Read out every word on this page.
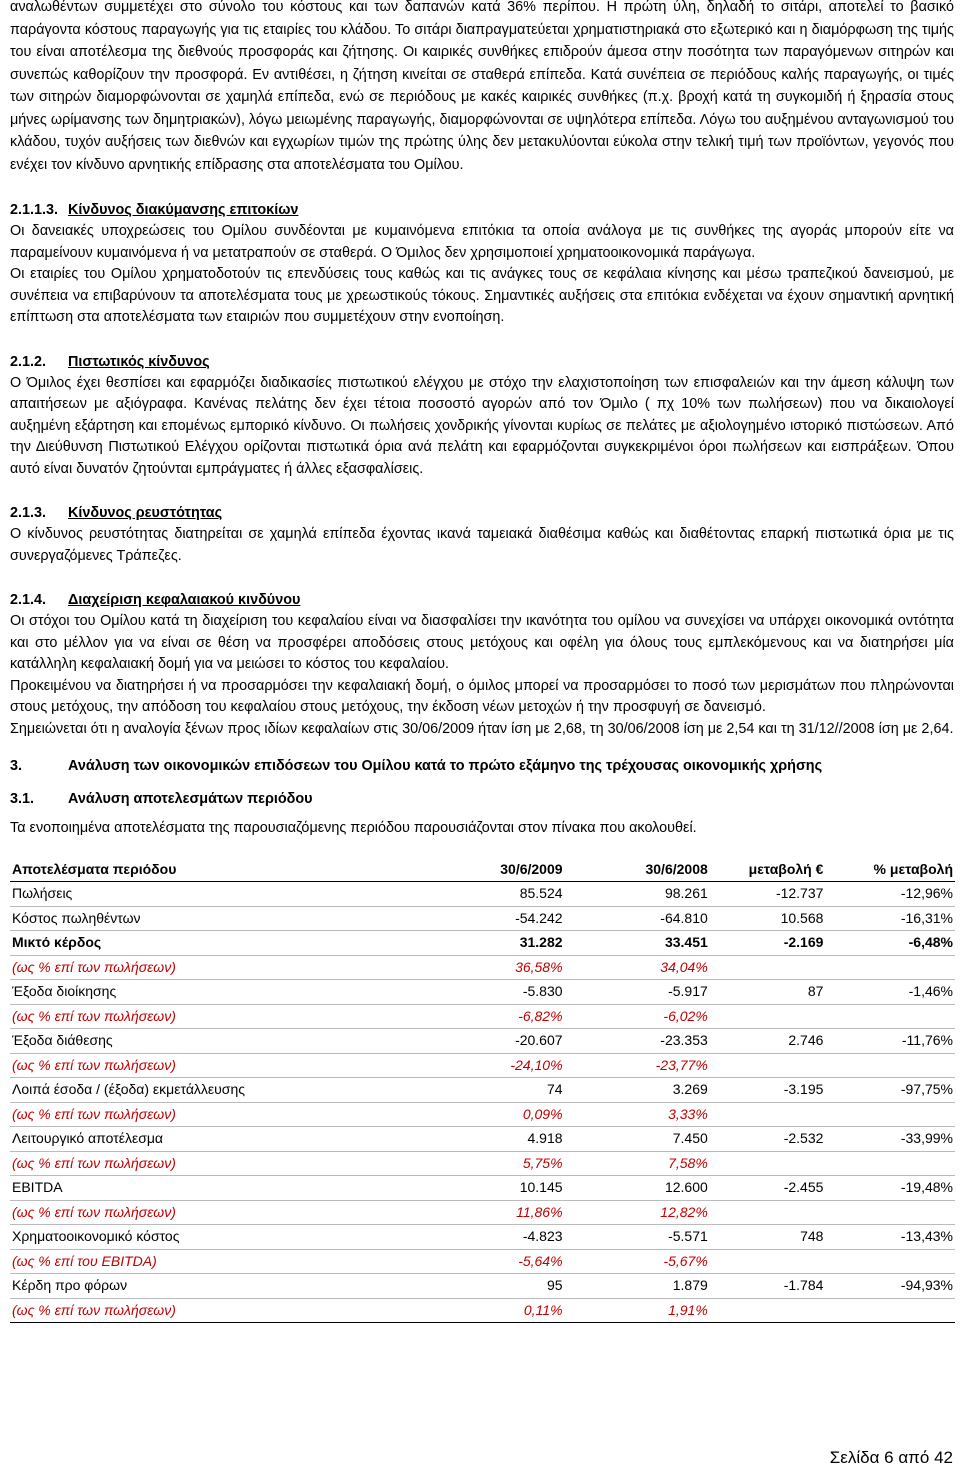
αναλωθέντων συμμετέχει στο σύνολο του κόστους και των δαπανών κατά 36% περίπου. Η πρώτη ύλη, δηλαδή το σιτάρι, αποτελεί το βασικό παράγοντα κόστους παραγωγής για τις εταιρίες του κλάδου. Το σιτάρι διαπραγματεύεται χρηματιστηριακά στο εξωτερικό και η διαμόρφωση της τιμής του είναι αποτέλεσμα της διεθνούς προσφοράς και ζήτησης. Οι καιρικές συνθήκες επιδρούν άμεσα στην ποσότητα των παραγόμενων σιτηρών και συνεπώς καθορίζουν την προσφορά. Εν αντιθέσει, η ζήτηση κινείται σε σταθερά επίπεδα. Κατά συνέπεια σε περιόδους καλής παραγωγής, οι τιμές των σιτηρών διαμορφώνονται σε χαμηλά επίπεδα, ενώ σε περιόδους με κακές καιρικές συνθήκες (π.χ. βροχή κατά τη συγκομιδή ή ξηρασία στους μήνες ωρίμανσης των δημητριακών), λόγω μειωμένης παραγωγής, διαμορφώνονται σε υψηλότερα επίπεδα. Λόγω του αυξημένου ανταγωνισμού του κλάδου, τυχόν αυξήσεις των διεθνών και εγχωρίων τιμών της πρώτης ύλης δεν μετακυλύονται εύκολα στην τελική τιμή των προϊόντων, γεγονός που ενέχει τον κίνδυνο αρνητικής επίδρασης στα αποτελέσματα του Ομίλου.

2.1.1.3. Κίνδυνος διακύμανσης επιτοκίων

Οι δανειακές υποχρεώσεις του Ομίλου συνδέονται με κυμαινόμενα επιτόκια τα οποία ανάλογα με τις συνθήκες της αγοράς μπορούν είτε να παραμείνουν κυμαινόμενα ή να μετατραπούν σε σταθερά. Ο Όμιλος δεν χρησιμοποιεί χρηματοοικονομικά παράγωγα.

Οι εταιρίες του Ομίλου χρηματοδοτούν τις επενδύσεις τους καθώς και τις ανάγκες τους σε κεφάλαια κίνησης και μέσω τραπεζικού δανεισμού, με συνέπεια να επιβαρύνουν τα αποτελέσματα τους με χρεωστικούς τόκους. Σημαντικές αυξήσεις στα επιτόκια ενδέχεται να έχουν σημαντική αρνητική επίπτωση στα αποτελέσματα των εταιριών που συμμετέχουν στην ενοποίηση.

2.1.2.	Πιστωτικός κίνδυνος

Ο Όμιλος έχει θεσπίσει και εφαρμόζει διαδικασίες πιστωτικού ελέγχου με στόχο την ελαχιστοποίηση των επισφαλειών και την άμεση κάλυψη των απαιτήσεων με αξιόγραφα. Κανένας πελάτης δεν έχει τέτοια ποσοστό αγορών από τον Όμιλο ( πχ 10% των πωλήσεων) που να δικαιολογεί αυξημένη εξάρτηση και επομένως εμπορικό κίνδυνο. Οι πωλήσεις χονδρικής γίνονται κυρίως σε πελάτες με αξιολογημένο ιστορικό πιστώσεων. Από την Διεύθυνση Πιστωτικού Ελέγχου ορίζονται πιστωτικά όρια ανά πελάτη και εφαρμόζονται συγκεκριμένοι όροι πωλήσεων και εισπράξεων. Όπου αυτό είναι δυνατόν ζητούνται εμπράγματες ή άλλες εξασφαλίσεις.

2.1.3.	Κίνδυνος ρευστότητας

Ο κίνδυνος ρευστότητας διατηρείται σε χαμηλά επίπεδα έχοντας ικανά ταμειακά διαθέσιμα καθώς και διαθέτοντας επαρκή πιστωτικά όρια με τις συνεργαζόμενες Τράπεζες.

2.1.4.	Διαχείριση κεφαλαιακού κινδύνου

Οι στόχοι του Ομίλου κατά τη διαχείριση του κεφαλαίου είναι να διασφαλίσει την ικανότητα του ομίλου να συνεχίσει να υπάρχει οικονομικά οντότητα και στο μέλλον για να είναι σε θέση να προσφέρει αποδόσεις στους μετόχους και οφέλη για όλους τους εμπλεκόμενους και να διατηρήσει μία κατάλληλη κεφαλαιακή δομή για να μειώσει το κόστος του κεφαλαίου.

Προκειμένου να διατηρήσει ή να προσαρμόσει την κεφαλαιακή δομή, ο όμιλος μπορεί να προσαρμόσει το ποσό των μερισμάτων που πληρώνονται στους μετόχους, την απόδοση του κεφαλαίου στους μετόχους, την έκδοση νέων μετοχών ή την προσφυγή σε δανεισμό.

Σημειώνεται ότι η αναλογία ξένων προς ιδίων κεφαλαίων στις 30/06/2009 ήταν ίση με 2,68, τη 30/06/2008 ίση με 2,54 και τη 31/12//2008 ίση με 2,64.

3.	Ανάλυση των οικονομικών επιδόσεων του Ομίλου κατά το πρώτο εξάμηνο της τρέχουσας οικονομικής χρήσης
3.1.	Ανάλυση αποτελεσμάτων περιόδου

Τα ενοποιημένα αποτελέσματα της παρουσιαζόμενης περιόδου παρουσιάζονται στον πίνακα που ακολουθεί.

Αποτελέσματα περιόδου	30/6/2009	30/6/2008	μεταβολή €	% μεταβολή
Πωλήσεις	85.524	98.261	-12.737	-12,96%
Κόστος πωληθέντων	-54.242	-64.810	10.568	-16,31%
Μικτό κέρδος	31.282	33.451	-2.169	-6,48%
(ως % επί των πωλήσεων)	36,58%	34,04%		
Έξοδα διοίκησης	-5.830	-5.917	87	-1,46%
(ως % επί των πωλήσεων)	-6,82%	-6,02%		
Έξοδα διάθεσης	-20.607	-23.353	2.746	-11,76%
(ως % επί των πωλήσεων)	-24,10%	-23,77%		
Λοιπά έσοδα / (έξοδα) εκμετάλλευσης	74	3.269	-3.195	-97,75%
(ως % επί των πωλήσεων)	0,09%	3,33%		
Λειτουργικό αποτέλεσμα	4.918	7.450	-2.532	-33,99%
(ως % επί των πωλήσεων)	5,75%	7,58%		
EBITDA	10.145	12.600	-2.455	-19,48%
(ως % επί των πωλήσεων)	11,86%	12,82%		
Χρηματοοικονομικό κόστος	-4.823	-5.571	748	-13,43%
(ως % επί του EBITDA)	-5,64%	-5,67%		
Κέρδη προ φόρων	95	1.879	-1.784	-94,93%
(ως % επί των πωλήσεων)	0,11%	1,91%		
Σελίδα 6 από 42
